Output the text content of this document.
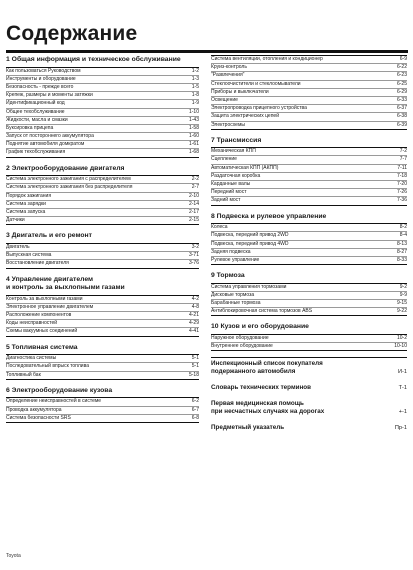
Содержание
1 Общая информация и техническое обслуживание
Как пользоваться Руководством	1-2
Инструменты и оборудование	1-3
Безопасность - прежде всего	1-5
Крепеж, размеры и моменты затяжки	1-8
Идентификационный код	1-9
Общее техобслуживание	1-10
Жидкости, масла и смазки	1-43
Буксировка прицепа	1-58
Запуск от постороннего аккумулятора	1-60
Поднятие автомобиля домкратом	1-61
График техобслуживания	1-68
2 Электрооборудование двигателя
Система электронного зажигания с распределителем	2-2
Система электронного зажигания без распределителя	2-7
Порядок зажигания	2-10
Система зарядки	2-14
Система запуска	2-17
Датчики	2-15
3 Двигатель и его ремонт
Двигатель	3-2
Выпускная система	3-71
Восстановление двигателя	3-76
4 Управление двигателем
и контроль за выхлопными газами
Контроль за выхлопными газами	4-2
Электронное управление двигателем	4-8
Расположение компонентов	4-21
Коды неисправностей	4-29
Схемы вакуумных соединений	4-41
5 Топливная система
Диагностика системы	5-1
Последовательный впрыск топлива	5-1
Топливный бак	5-18
6 Электрооборудование кузова
Определение неисправностей в системе	6-2
Проводка аккумулятора	6-7
Система безопасности SRS	6-8
Система вентиляции, отопления и кондиционер	6-9
Круиз-контроль	6-22
"Развлечения"	6-23
Стеклоочистители и стеклоомыватели	6-25
Приборы и выключатели	6-29
Освещение	6-33
Электропроводка прицепного устройства	6-37
Защита электрических цепей	6-38
Электросхемы	6-39
7 Трансмиссия
Механическая КПП	7-2
Сцепление	7-7
Автоматическая КПП (АКПП)	7-11
Раздаточная коробка	7-18
Карданные валы	7-20
Передний мост	7-26
Задний мост	7-36
8 Подвеска и рулевое управление
Колеса	8-2
Подвеска, передний привод 2WD	8-4
Подвеска, передний привод 4WD	8-13
Задняя подвеска	8-27
Рулевое управление	8-33
9 Тормоза
Система управления тормозами	9-2
Дисковые тормоза	9-9
Барабанные тормоза	9-15
Антиблокировочная система тормозов ABS	9-22
10 Кузов и его оборудование
Наружное оборудование	10-2
Внутреннее оборудование	10-10
Инспекционный список покупателя
подержанного автомобиля	И-1
Словарь технических терминов	Т-1
Первая медицинская помощь
при несчастных случаях на дорогах	+-1
Предметный указатель	Пр-1
Toyota
